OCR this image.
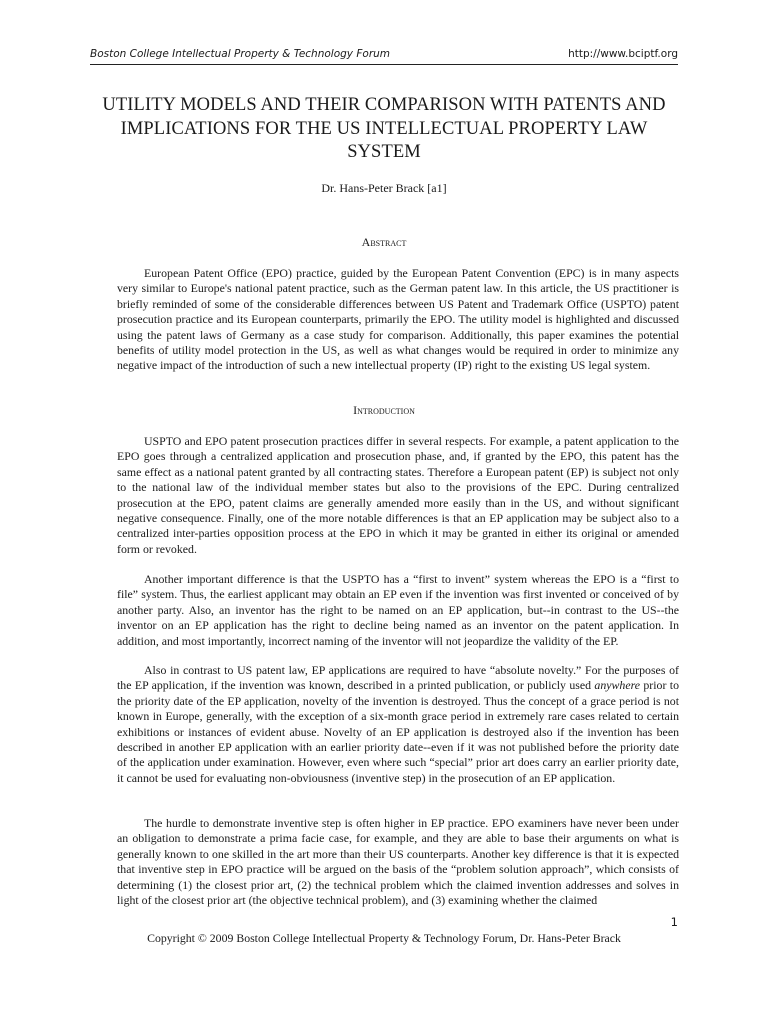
Boston College Intellectual Property & Technology Forum	http://www.bciptf.org
UTILITY MODELS AND THEIR COMPARISON WITH PATENTS AND IMPLICATIONS FOR THE US INTELLECTUAL PROPERTY LAW SYSTEM
Dr. Hans-Peter Brack [a1]
Abstract

European Patent Office (EPO) practice, guided by the European Patent Convention (EPC) is in many aspects very similar to Europe's national patent practice, such as the German patent law. In this article, the US practitioner is briefly reminded of some of the considerable differences between US Patent and Trademark Office (USPTO) patent prosecution practice and its European counterparts, primarily the EPO. The utility model is highlighted and discussed using the patent laws of Germany as a case study for comparison. Additionally, this paper examines the potential benefits of utility model protection in the US, as well as what changes would be required in order to minimize any negative impact of the introduction of such a new intellectual property (IP) right to the existing US legal system.

Introduction

USPTO and EPO patent prosecution practices differ in several respects. For example, a patent application to the EPO goes through a centralized application and prosecution phase, and, if granted by the EPO, this patent has the same effect as a national patent granted by all contracting states. Therefore a European patent (EP) is subject not only to the national law of the individual member states but also to the provisions of the EPC. During centralized prosecution at the EPO, patent claims are generally amended more easily than in the US, and without significant negative consequence. Finally, one of the more notable differences is that an EP application may be subject also to a centralized inter-parties opposition process at the EPO in which it may be granted in either its original or amended form or revoked.

Another important difference is that the USPTO has a “first to invent” system whereas the EPO is a “first to file” system. Thus, the earliest applicant may obtain an EP even if the invention was first invented or conceived of by another party. Also, an inventor has the right to be named on an EP application, but--in contrast to the US--the inventor on an EP application has the right to decline being named as an inventor on the patent application. In addition, and most importantly, incorrect naming of the inventor will not jeopardize the validity of the EP.

Also in contrast to US patent law, EP applications are required to have “absolute novelty.” For the purposes of the EP application, if the invention was known, described in a printed publication, or publicly used anywhere prior to the priority date of the EP application, novelty of the invention is destroyed. Thus the concept of a grace period is not known in Europe, generally, with the exception of a six-month grace period in extremely rare cases related to certain exhibitions or instances of evident abuse. Novelty of an EP application is destroyed also if the invention has been described in another EP application with an earlier priority date--even if it was not published before the priority date of the application under examination. However, even where such “special” prior art does carry an earlier priority date, it cannot be used for evaluating non-obviousness (inventive step) in the prosecution of an EP application.

The hurdle to demonstrate inventive step is often higher in EP practice. EPO examiners have never been under an obligation to demonstrate a prima facie case, for example, and they are able to base their arguments on what is generally known to one skilled in the art more than their US counterparts. Another key difference is that it is expected that inventive step in EPO practice will be argued on the basis of the “problem solution approach”, which consists of determining (1) the closest prior art, (2) the technical problem which the claimed invention addresses and solves in light of the closest prior art (the objective technical problem), and (3) examining whether the claimed

1
Copyright © 2009 Boston College Intellectual Property & Technology Forum, Dr. Hans-Peter Brack
